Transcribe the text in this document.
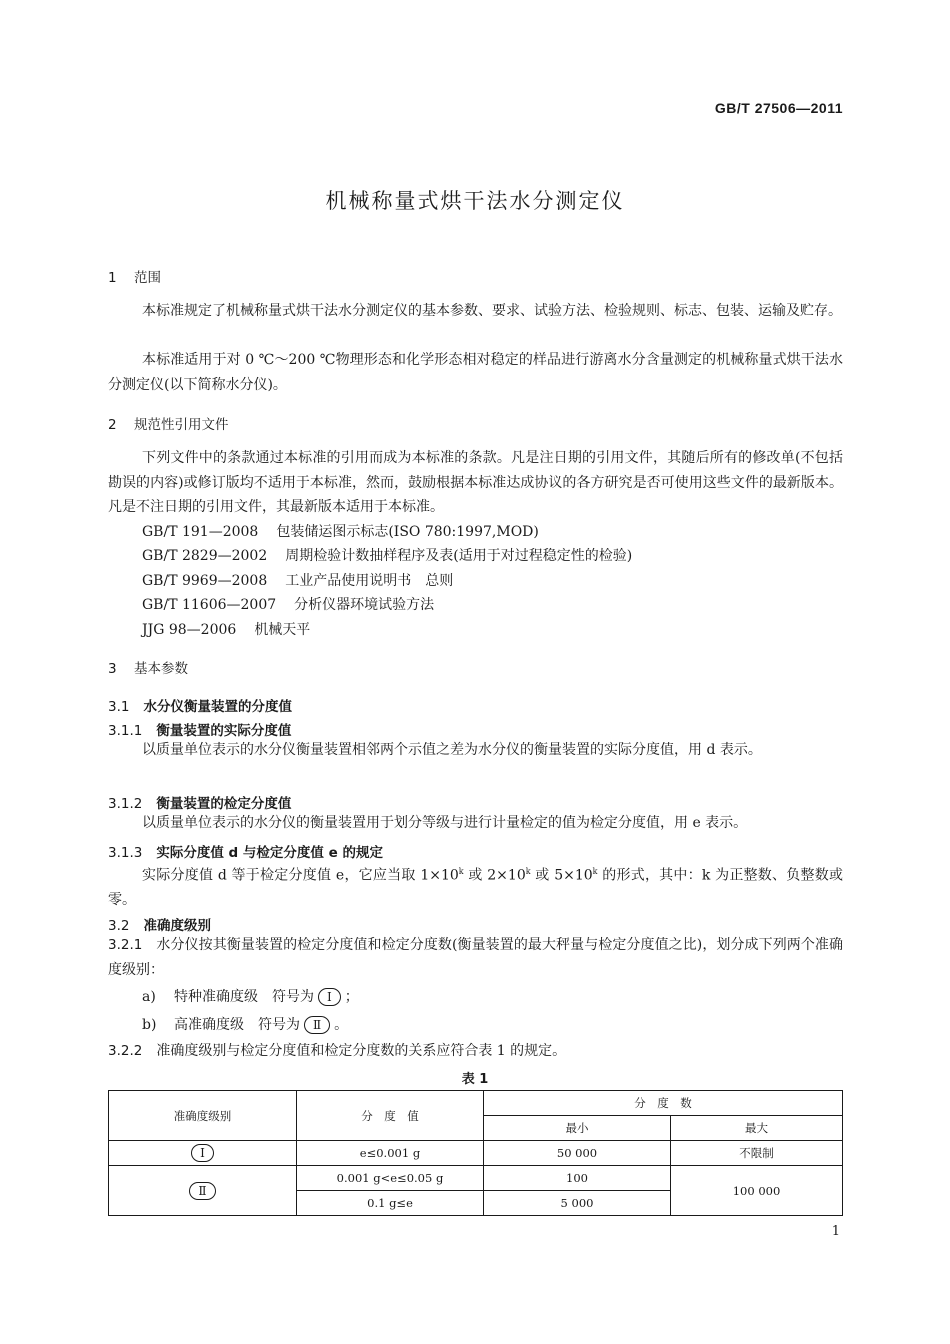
GB/T 27506—2011
机械称量式烘干法水分测定仪
1 范围
本标准规定了机械称量式烘干法水分测定仪的基本参数、要求、试验方法、检验规则、标志、包装、运输及贮存。
本标准适用于对 0 ℃～200 ℃物理形态和化学形态相对稳定的样品进行游离水分含量测定的机械称量式烘干法水分测定仪(以下简称水分仪)。
2 规范性引用文件
下列文件中的条款通过本标准的引用而成为本标准的条款。凡是注日期的引用文件，其随后所有的修改单(不包括勘误的内容)或修订版均不适用于本标准，然而，鼓励根据本标准达成协议的各方研究是否可使用这些文件的最新版本。凡是不注日期的引用文件，其最新版本适用于本标准。
GB/T 191—2008 包装储运图示标志(ISO 780:1997,MOD)
GB/T 2829—2002 周期检验计数抽样程序及表(适用于对过程稳定性的检验)
GB/T 9969—2008 工业产品使用说明书　总则
GB/T 11606—2007 分析仪器环境试验方法
JJG 98—2006 机械天平
3 基本参数
3.1 水分仪衡量装置的分度值
3.1.1 衡量装置的实际分度值
以质量单位表示的水分仪衡量装置相邻两个示值之差为水分仪的衡量装置的实际分度值，用 d 表示。
3.1.2 衡量装置的检定分度值
以质量单位表示的水分仪的衡量装置用于划分等级与进行计量检定的值为检定分度值，用 e 表示。
3.1.3 实际分度值 d 与检定分度值 e 的规定
实际分度值 d 等于检定分度值 e，它应当取 $1\times 10^k$ 或 $2\times 10^k$ 或 $5\times 10^k$ 的形式，其中：k 为正整数、负整数或零。
3.2 准确度级别
3.2.1 水分仪按其衡量装置的检定分度值和检定分度数(衡量装置的最大秤量与检定分度值之比)，划分成下列两个准确度级别：
a) 特种准确度级　符号为 Ⅰ ；
b) 高准确度级　符号为 Ⅱ 。
3.2.2 准确度级别与检定分度值和检定分度数的关系应符合表 1 的规定。
表 1
准确度级别	分　度　值	分　度　数	
		最小	最大
Ⅰ	e≤0.001 g	50 000	不限制
Ⅱ	0.001 g<e≤0.05 g	100	100 000
	0.1 g≤e	5 000	
1
